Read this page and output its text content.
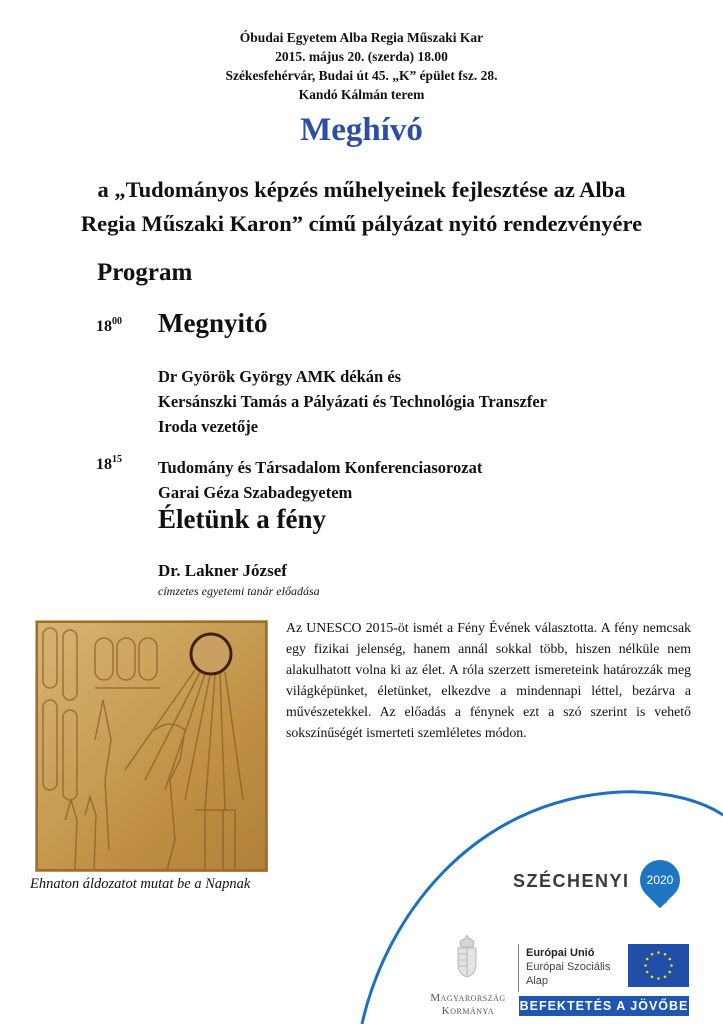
Óbudai Egyetem Alba Regia Műszaki Kar
2015. május 20. (szerda) 18.00
Székesfehérvár, Budai út 45. „K” épület fsz. 28.
Kandó Kálmán terem
Meghívó
a „Tudományos képzés műhelyeinek fejlesztése az Alba
Regia Műszaki Karon” című pályázat nyitó rendezvényére
Program
$18^{00}$ Megnyitó
Dr Györök György AMK dékán és
Kersánszki Tamás a Pályázati és Technológia Transzfer
Iroda vezetője
$18^{15}$ Tudomány és Társadalom Konferenciasorozat
Garai Géza Szabadegyetem
Életünk a fény
Dr. Lakner József
címzetes egyetemi tanár előadása
Ehnaton áldozatot mutat be a Napnak
Az UNESCO 2015-öt ismét a Fény Évének választotta. A fény nemcsak egy fizikai jelenség, hanem annál sokkal több, hiszen nélküle nem alakulhatott volna ki az élet. A róla szerzett ismereteink határozzák meg világképünket, életünket, elkezdve a mindennapi léttel, bezárva a művészetekkel. Az előadás a fénynek ezt a szó szerint is vehető sokszínűségét ismerteti szemléletes módon.
SZÉCHENYI	2020
Magyarország
Kormánya
Európai Unió
Európai Szociális
Alap
BEFEKTETÉS A JÖVŐBE
